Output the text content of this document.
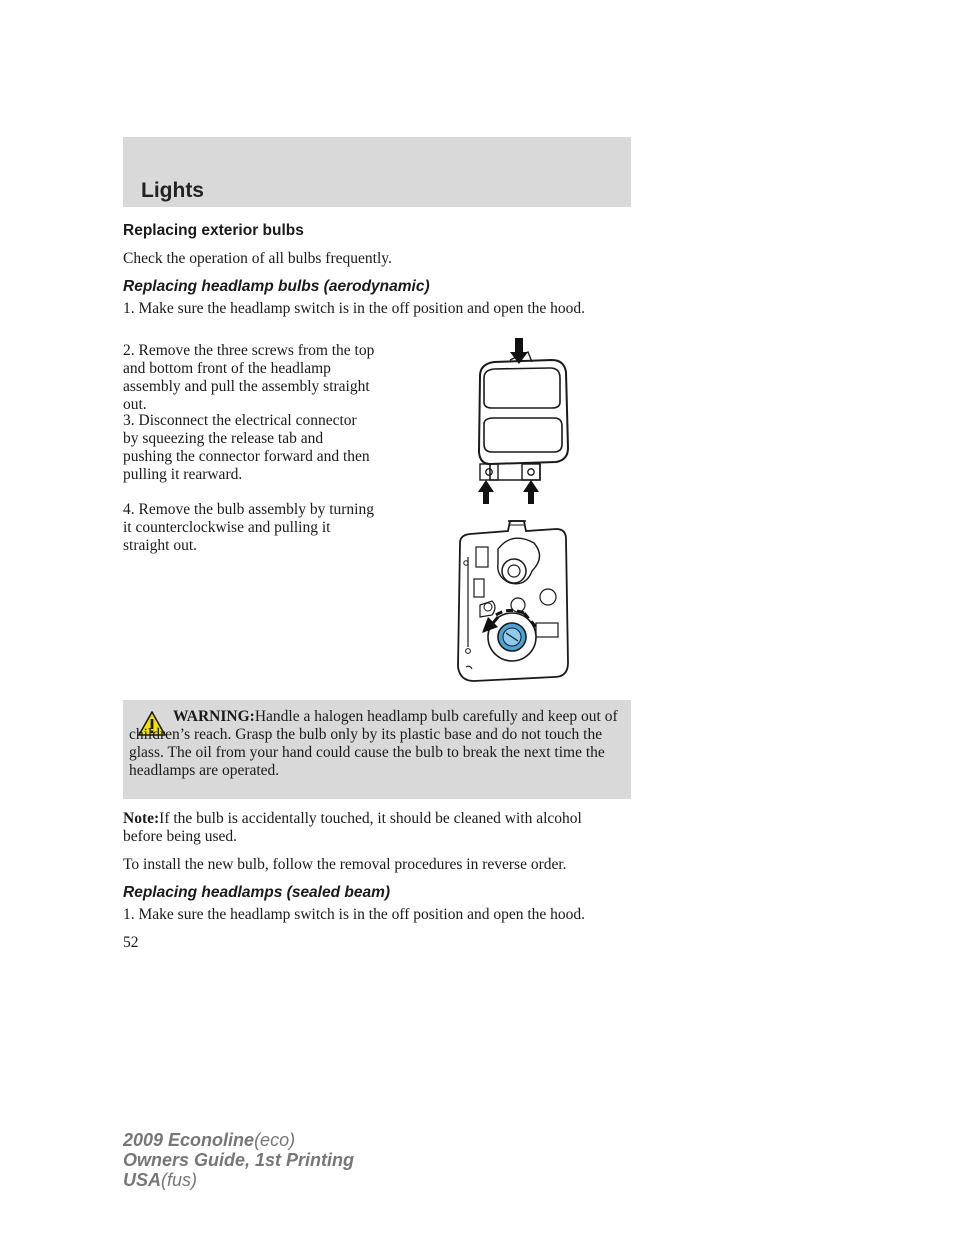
Lights
Replacing exterior bulbs
Check the operation of all bulbs frequently.
Replacing headlamp bulbs (aerodynamic)
1. Make sure the headlamp switch is in the off position and open the hood.
2. Remove the three screws from the top and bottom front of the headlamp assembly and pull the assembly straight out.
3. Disconnect the electrical connector by squeezing the release tab and pushing the connector forward and then pulling it rearward.
4. Remove the bulb assembly by turning it counterclockwise and pulling it straight out.
WARNING:Handle a halogen headlamp bulb carefully and keep out of children’s reach. Grasp the bulb only by its plastic base and do not touch the glass. The oil from your hand could cause the bulb to break the next time the headlamps are operated.
Note:If the bulb is accidentally touched, it should be cleaned with alcohol before being used.
To install the new bulb, follow the removal procedures in reverse order.
Replacing headlamps (sealed beam)
1. Make sure the headlamp switch is in the off position and open the hood.
52
2009 Econoline(eco)
Owners Guide, 1st Printing
USA(fus)
